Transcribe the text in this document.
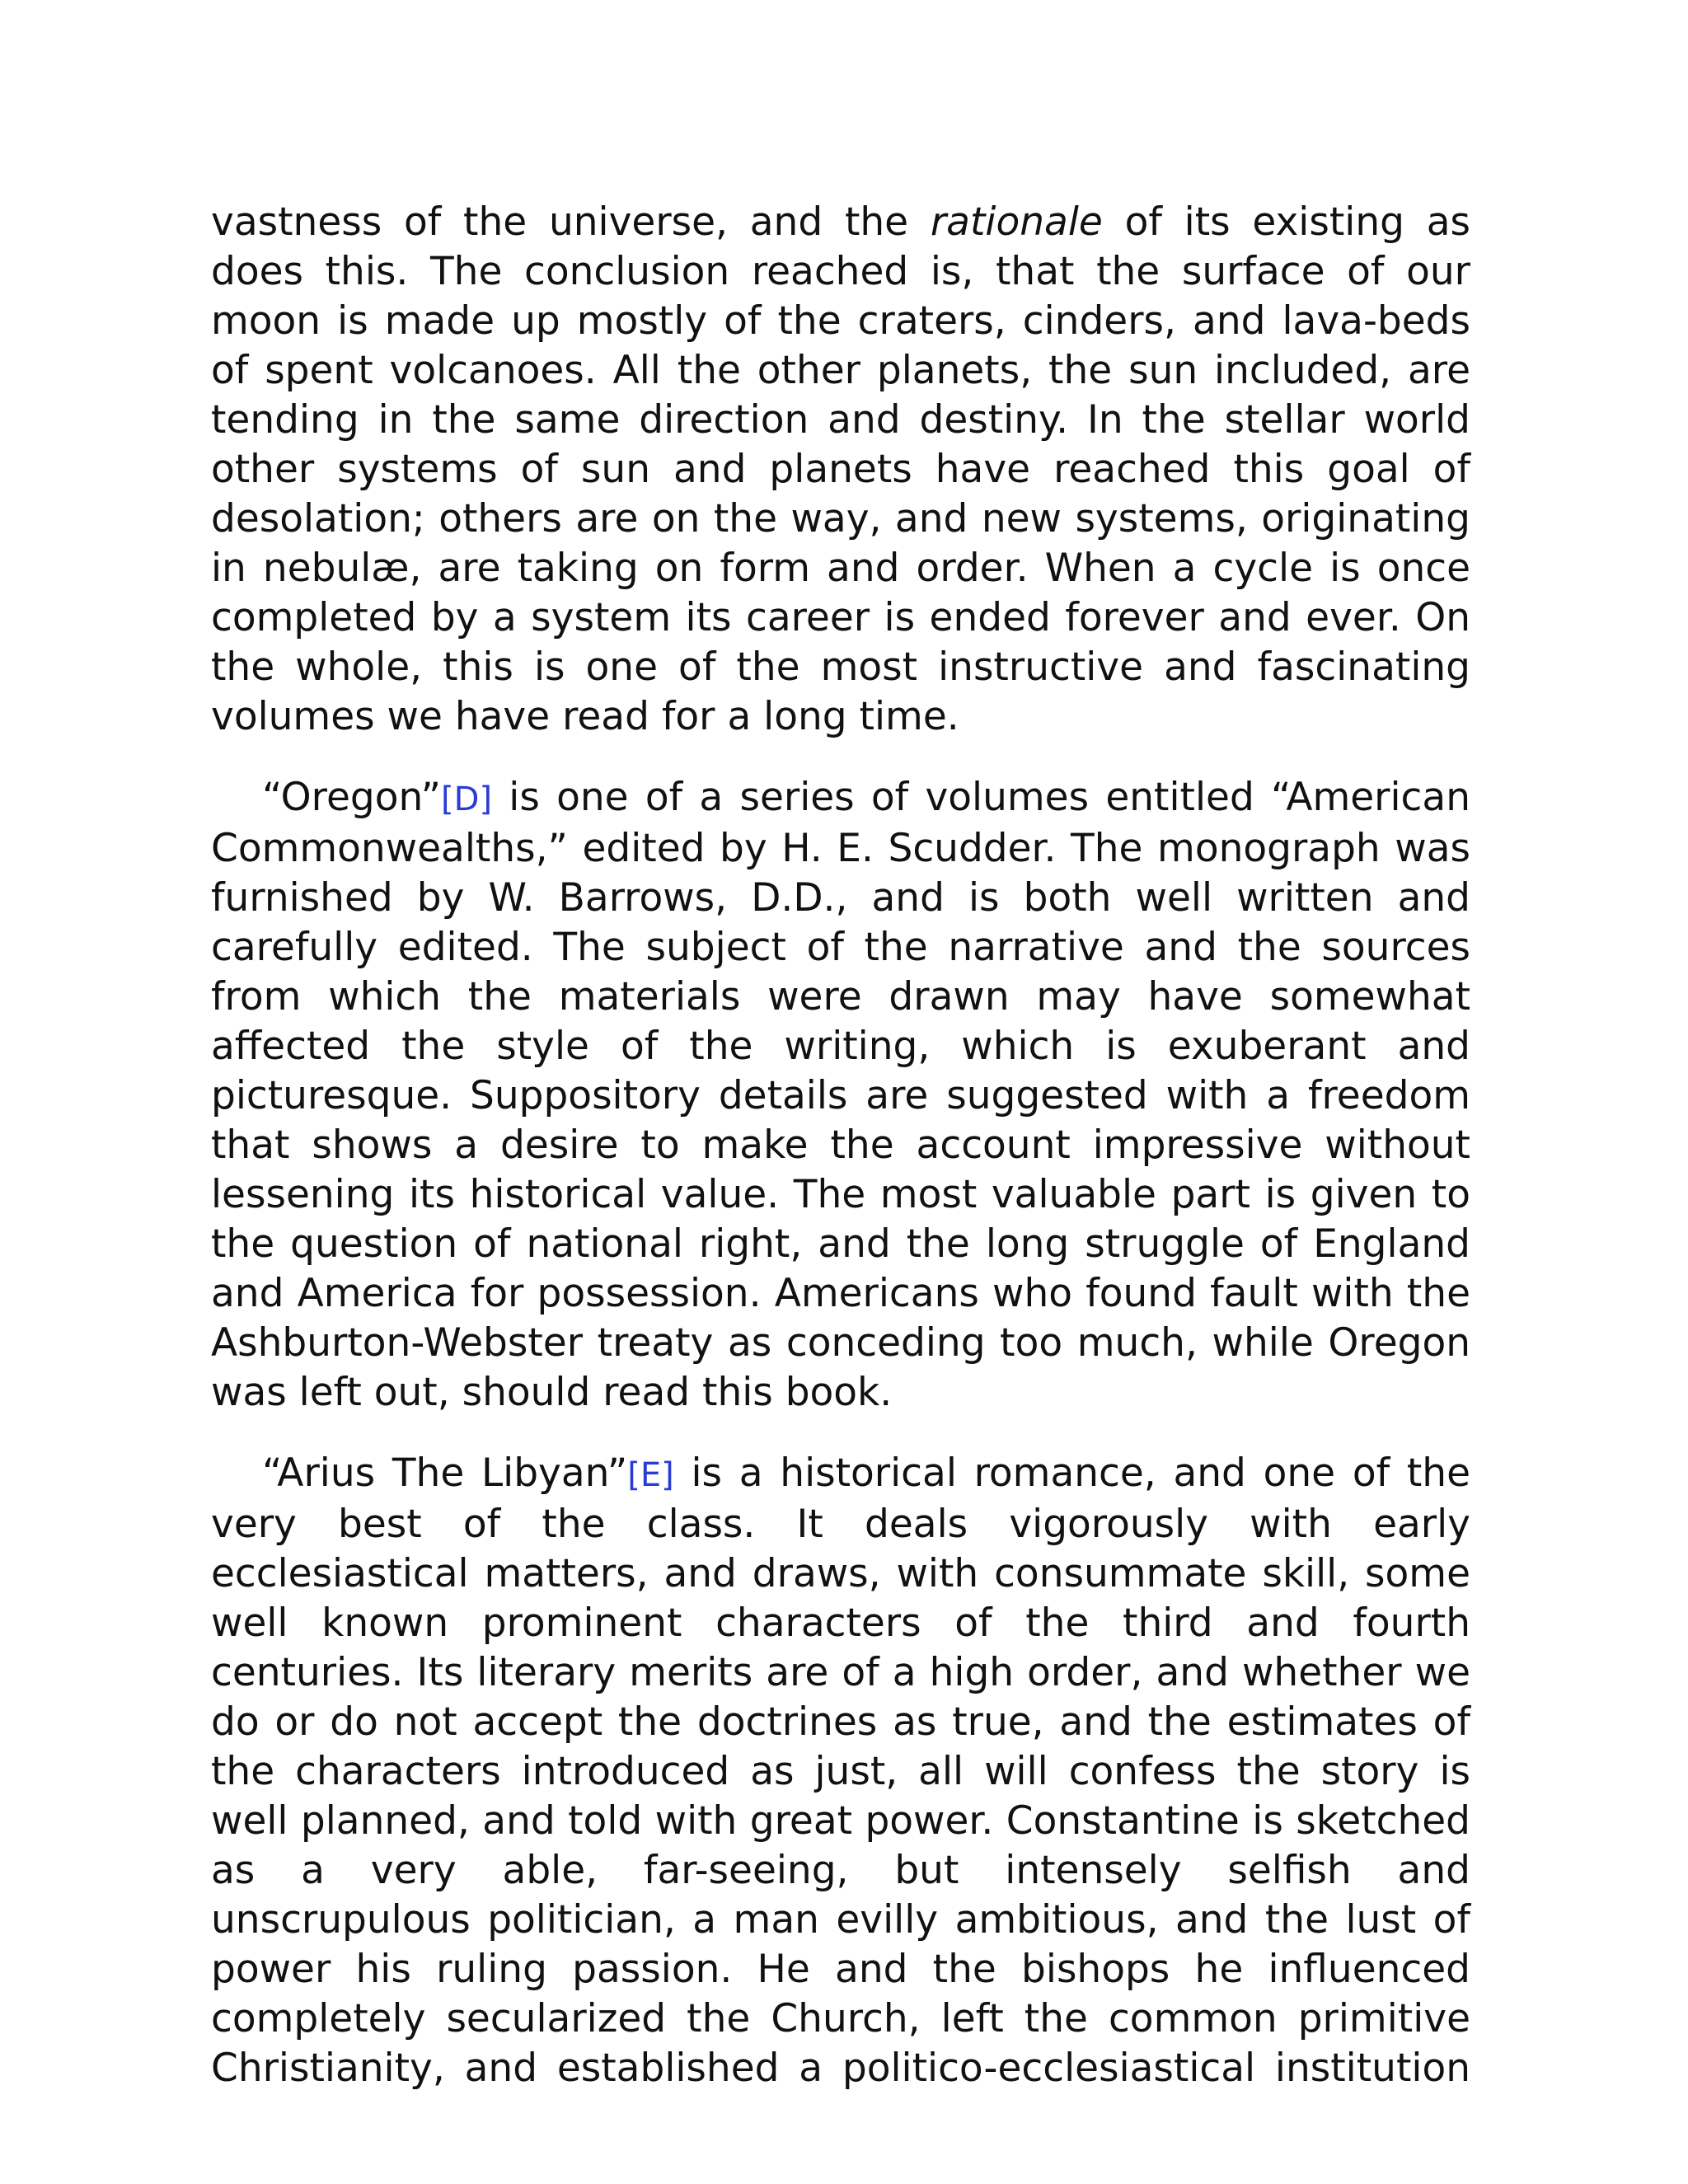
vastness of the universe, and the rationale of its existing as does this. The conclusion reached is, that the surface of our moon is made up mostly of the craters, cinders, and lava-beds of spent volcanoes. All the other planets, the sun included, are tending in the same direction and destiny. In the stellar world other systems of sun and planets have reached this goal of desolation; others are on the way, and new systems, originating in nebulæ, are taking on form and order. When a cycle is once completed by a system its career is ended forever and ever. On the whole, this is one of the most instructive and fascinating volumes we have read for a long time.

“Oregon”[D] is one of a series of volumes entitled “American Commonwealths,” edited by H. E. Scudder. The monograph was furnished by W. Barrows, D.D., and is both well written and carefully edited. The subject of the narrative and the sources from which the materials were drawn may have somewhat affected the style of the writing, which is exuberant and picturesque. Suppository details are suggested with a freedom that shows a desire to make the account impressive without lessening its historical value. The most valuable part is given to the question of national right, and the long struggle of England and America for possession. Americans who found fault with the Ashburton-Webster treaty as conceding too much, while Oregon was left out, should read this book.

“Arius The Libyan”[E] is a historical romance, and one of the very best of the class. It deals vigorously with early ecclesiastical matters, and draws, with consummate skill, some well known prominent characters of the third and fourth centuries. Its literary merits are of a high order, and whether we do or do not accept the doctrines as true, and the estimates of the characters introduced as just, all will confess the story is well planned, and told with great power. Constantine is sketched as a very able, far-seeing, but intensely selfish and unscrupulous politician, a man evilly ambitious, and the lust of power his ruling passion. He and the bishops he influenced completely secularized the Church, left the common primitive Christianity, and established a politico-ecclesiastical institution
